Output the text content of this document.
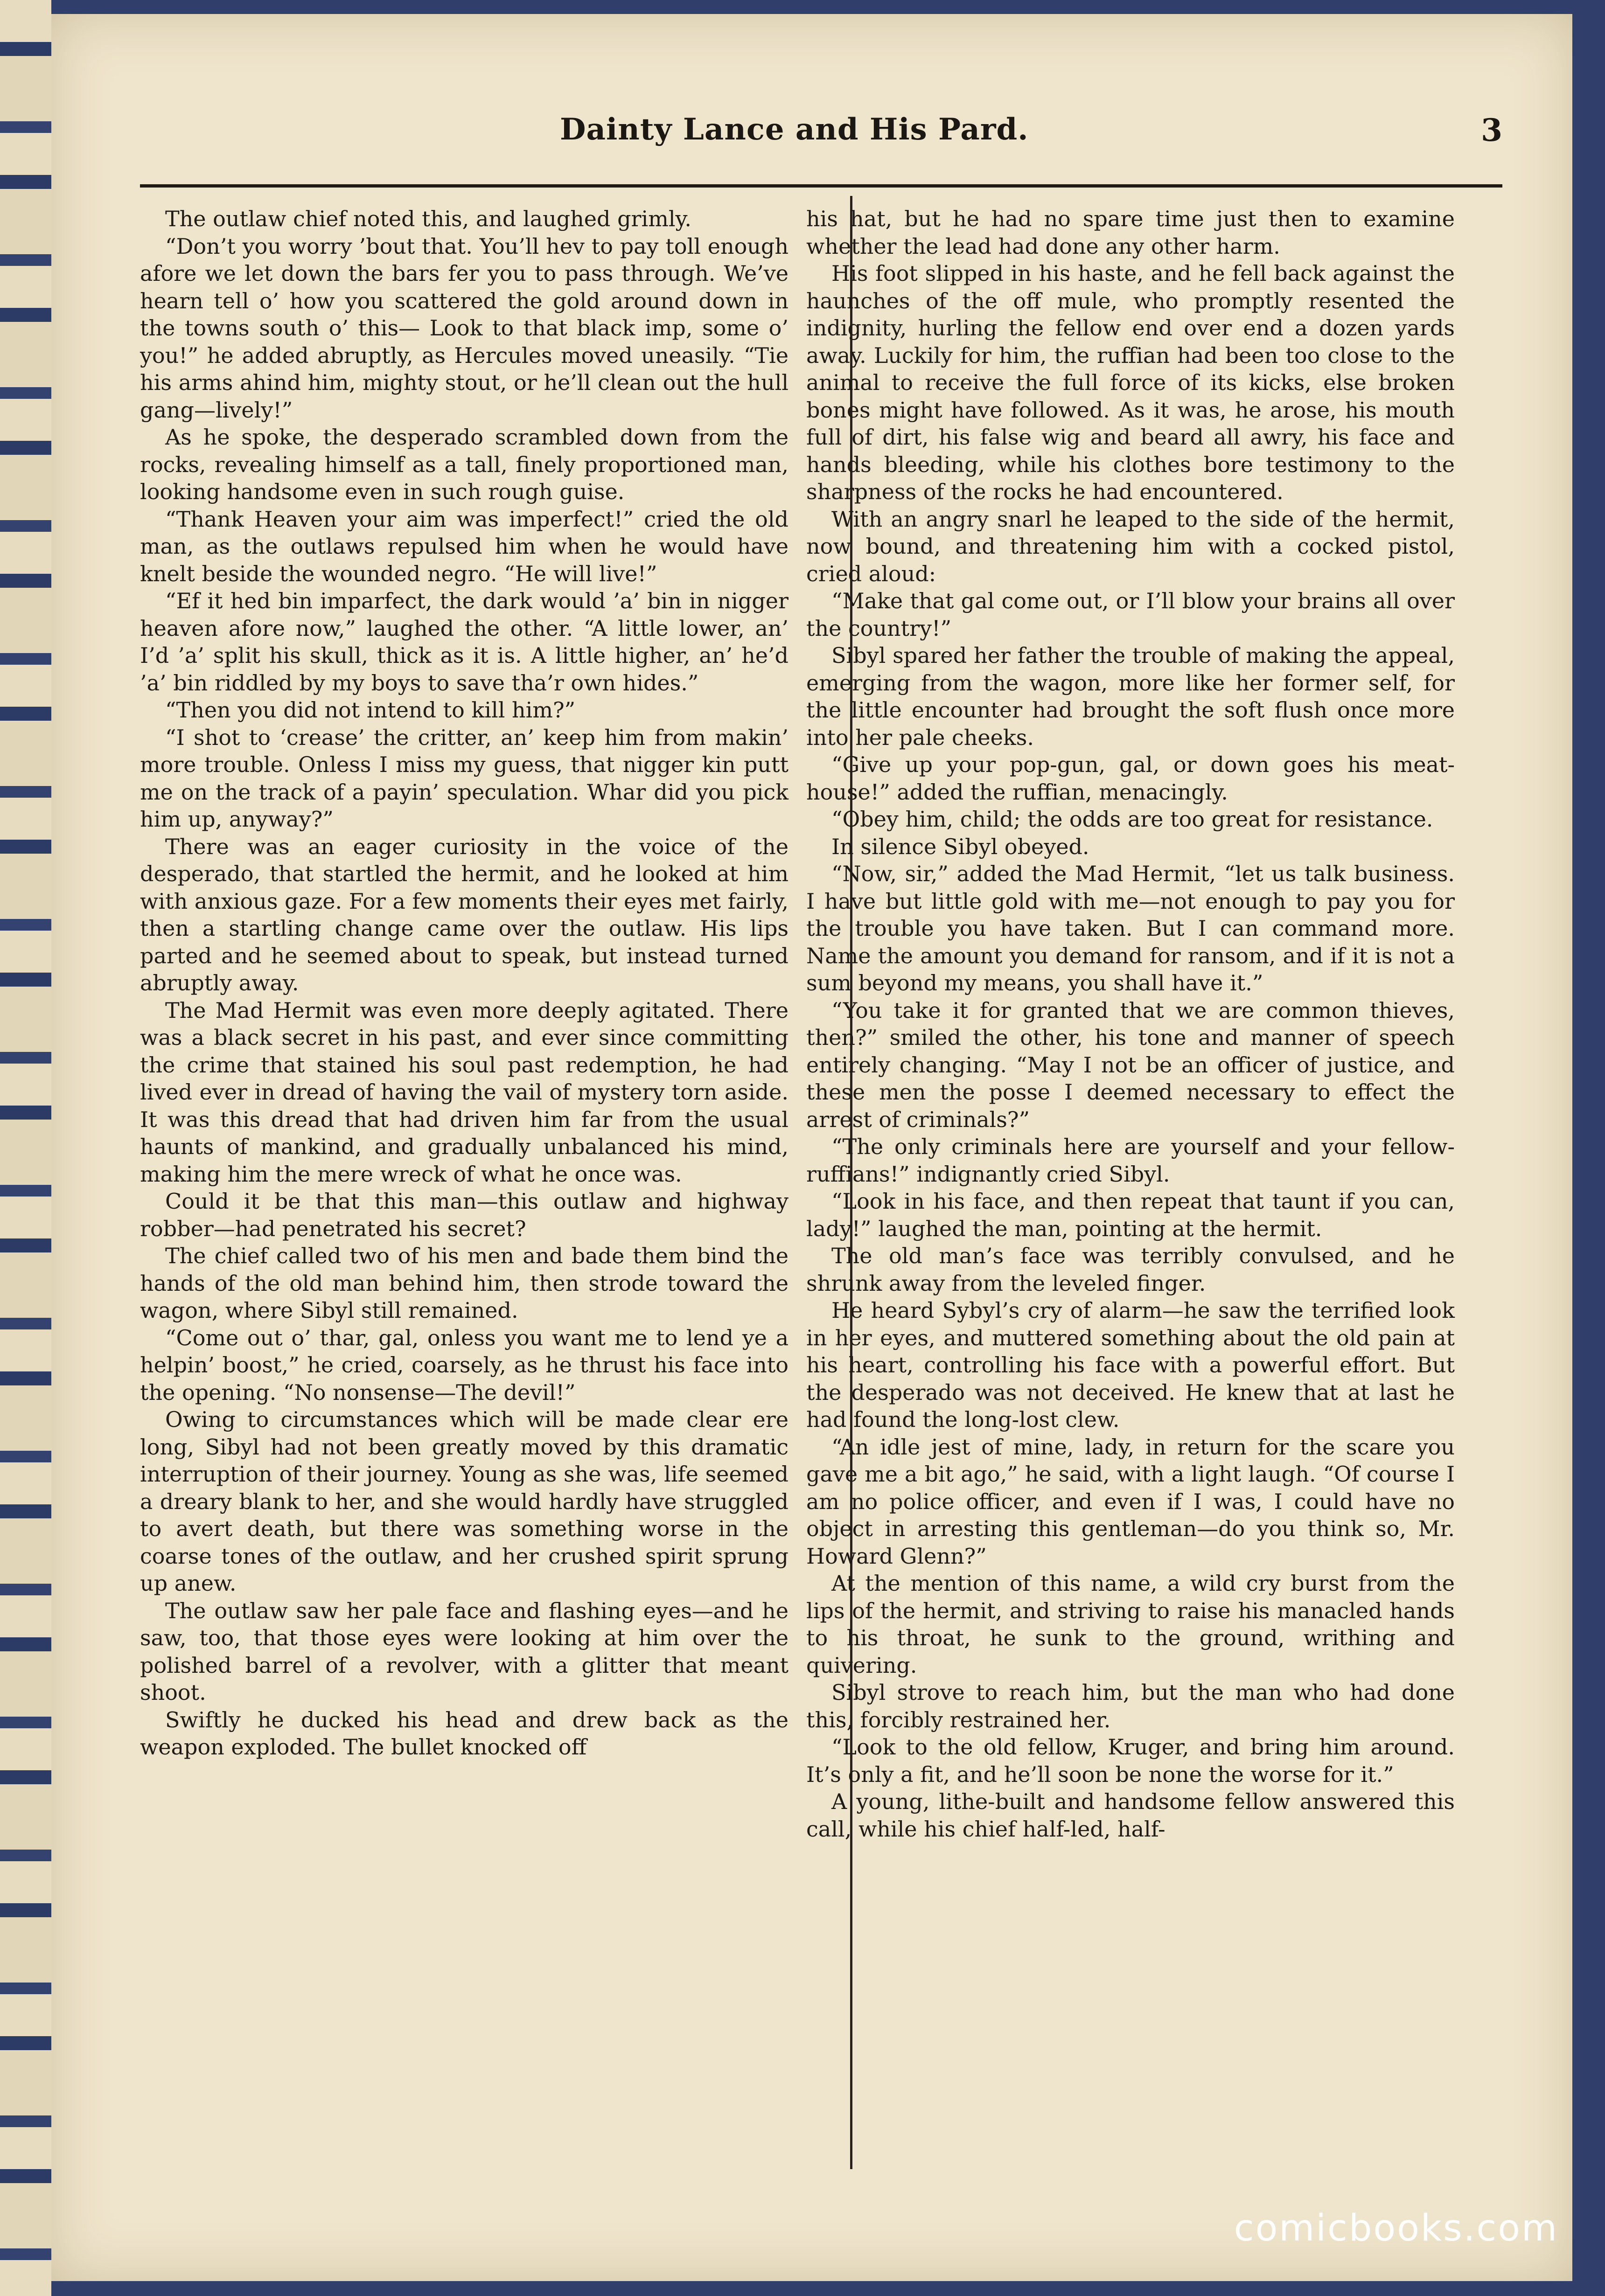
Dainty Lance and His Pard.	3

The outlaw chief noted this, and laughed grimly.

“Don’t you worry ’bout that. You’ll hev to pay toll enough afore we let down the bars fer you to pass through. We’ve hearn tell o’ how you scattered the gold around down in the towns south o’ this— Look to that black imp, some o’ you!” he added abruptly, as Hercules moved uneasily. “Tie his arms ahind him, mighty stout, or he’ll clean out the hull gang—lively!”

As he spoke, the desperado scrambled down from the rocks, revealing himself as a tall, finely proportioned man, looking handsome even in such rough guise.

“Thank Heaven your aim was imperfect!” cried the old man, as the outlaws repulsed him when he would have knelt beside the wounded negro. “He will live!”

“Ef it hed bin imparfect, the dark would ’a’ bin in nigger heaven afore now,” laughed the other. “A little lower, an’ I’d ’a’ split his skull, thick as it is. A little higher, an’ he’d ’a’ bin riddled by my boys to save tha’r own hides.”

“Then you did not intend to kill him?”

“I shot to ‘crease’ the critter, an’ keep him from makin’ more trouble. Onless I miss my guess, that nigger kin putt me on the track of a payin’ speculation. Whar did you pick him up, anyway?”

There was an eager curiosity in the voice of the desperado, that startled the hermit, and he looked at him with anxious gaze. For a few moments their eyes met fairly, then a startling change came over the outlaw. His lips parted and he seemed about to speak, but instead turned abruptly away.

The Mad Hermit was even more deeply agitated. There was a black secret in his past, and ever since committing the crime that stained his soul past redemption, he had lived ever in dread of having the vail of mystery torn aside. It was this dread that had driven him far from the usual haunts of mankind, and gradually unbalanced his mind, making him the mere wreck of what he once was.

Could it be that this man—this outlaw and highway robber—had penetrated his secret?

The chief called two of his men and bade them bind the hands of the old man behind him, then strode toward the wagon, where Sibyl still remained.

“Come out o’ thar, gal, onless you want me to lend ye a helpin’ boost,” he cried, coarsely, as he thrust his face into the opening. “No nonsense—The devil!”

Owing to circumstances which will be made clear ere long, Sibyl had not been greatly moved by this dramatic interruption of their journey. Young as she was, life seemed a dreary blank to her, and she would hardly have struggled to avert death, but there was something worse in the coarse tones of the outlaw, and her crushed spirit sprung up anew.

The outlaw saw her pale face and flashing eyes—and he saw, too, that those eyes were looking at him over the polished barrel of a revolver, with a glitter that meant shoot.

Swiftly he ducked his head and drew back as the weapon exploded. The bullet knocked off

his hat, but he had no spare time just then to examine whether the lead had done any other harm.

His foot slipped in his haste, and he fell back against the haunches of the off mule, who promptly resented the indignity, hurling the fellow end over end a dozen yards away. Luckily for him, the ruffian had been too close to the animal to receive the full force of its kicks, else broken bones might have followed. As it was, he arose, his mouth full of dirt, his false wig and beard all awry, his face and hands bleeding, while his clothes bore testimony to the sharpness of the rocks he had encountered.

With an angry snarl he leaped to the side of the hermit, now bound, and threatening him with a cocked pistol, cried aloud:

“Make that gal come out, or I’ll blow your brains all over the country!”

Sibyl spared her father the trouble of making the appeal, emerging from the wagon, more like her former self, for the little encounter had brought the soft flush once more into her pale cheeks.

“Give up your pop-gun, gal, or down goes his meat-house!” added the ruffian, menacingly.

“Obey him, child; the odds are too great for resistance.

In silence Sibyl obeyed.

“Now, sir,” added the Mad Hermit, “let us talk business. I have but little gold with me—not enough to pay you for the trouble you have taken. But I can command more. Name the amount you demand for ransom, and if it is not a sum beyond my means, you shall have it.”

“You take it for granted that we are common thieves, then?” smiled the other, his tone and manner of speech entirely changing. “May I not be an officer of justice, and these men the posse I deemed necessary to effect the arrest of criminals?”

“The only criminals here are yourself and your fellow-ruffians!” indignantly cried Sibyl.

“Look in his face, and then repeat that taunt if you can, lady!” laughed the man, pointing at the hermit.

The old man’s face was terribly convulsed, and he shrunk away from the leveled finger.

He heard Sybyl’s cry of alarm—he saw the terrified look in her eyes, and muttered something about the old pain at his heart, controlling his face with a powerful effort. But the desperado was not deceived. He knew that at last he had found the long-lost clew.

“An idle jest of mine, lady, in return for the scare you gave me a bit ago,” he said, with a light laugh. “Of course I am no police officer, and even if I was, I could have no object in arresting this gentleman—do you think so, Mr. Howard Glenn?”

At the mention of this name, a wild cry burst from the lips of the hermit, and striving to raise his manacled hands to his throat, he sunk to the ground, writhing and quivering.

Sibyl strove to reach him, but the man who had done this, forcibly restrained her.

“Look to the old fellow, Kruger, and bring him around. It’s only a fit, and he’ll soon be none the worse for it.”

A young, lithe-built and handsome fellow answered this call, while his chief half-led, half-

comicbooks.com
